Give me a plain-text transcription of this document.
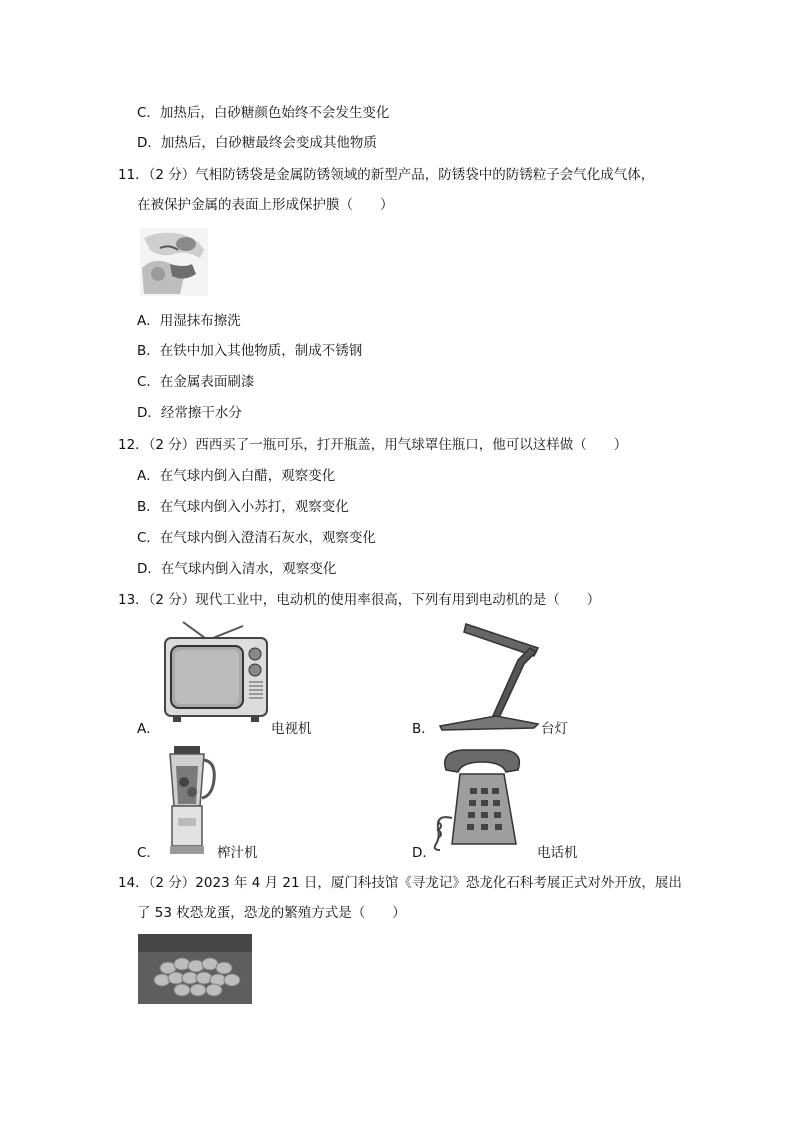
C．加热后，白砂糖颜色始终不会发生变化
D．加热后，白砂糖最终会变成其他物质
11．（2 分）气相防锈袋是金属防锈领域的新型产品，防锈袋中的防锈粒子会气化成气体，
在被保护金属的表面上形成保护膜（　　）
A．用湿抹布擦洗
B．在铁中加入其他物质，制成不锈钢
C．在金属表面刷漆
D．经常擦干水分
12．（2 分）西西买了一瓶可乐，打开瓶盖，用气球罩住瓶口，他可以这样做（　　）
A．在气球内倒入白醋，观察变化
B．在气球内倒入小苏打，观察变化
C．在气球内倒入澄清石灰水，观察变化
D．在气球内倒入清水，观察变化
13．（2 分）现代工业中，电动机的使用率很高，下列有用到电动机的是（　　）
A．	电视机	B．	台灯
C．	榨汁机	D．	电话机
14．（2 分）2023 年 4 月 21 日，厦门科技馆《寻龙记》恐龙化石科考展正式对外开放，展出
了 53 枚恐龙蛋，恐龙的繁殖方式是（　　）
